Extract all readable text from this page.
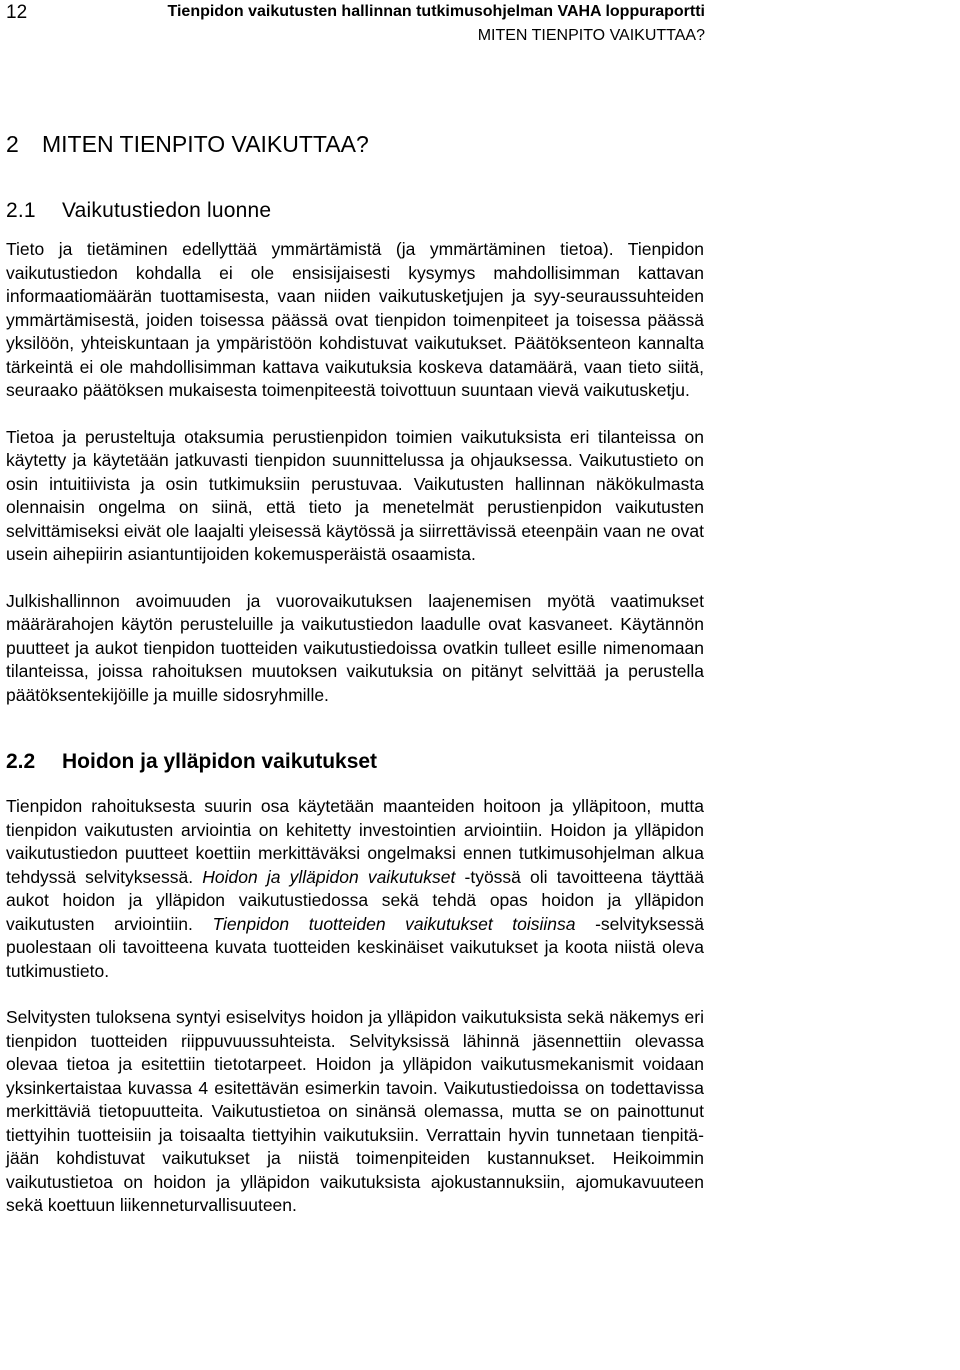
12	Tienpidon vaikutusten hallinnan tutkimusohjelman VAHA loppuraportti
MITEN TIENPITO VAIKUTTAA?
2 MITEN TIENPITO VAIKUTTAA?
2.1 Vaikutustiedon luonne

Tieto ja tietäminen edellyttää ymmärtämistä (ja ymmärtäminen tietoa). Tienpidon vaikutustiedon kohdalla ei ole ensisijaisesti kysymys mahdollisimman kattavan informaatiomäärän tuottamisesta, vaan niiden vaikutusketjujen ja syy-seuraussuhteiden ymmärtämisestä, joiden toisessa päässä ovat tienpidon toimenpiteet ja toisessa päässä yksilöön, yhteiskuntaan ja ympäristöön kohdistuvat vaikutukset. Päätöksenteon kannalta tärkeintä ei ole mahdollisimman kattava vaikutuksia koskeva datamäärä, vaan tieto siitä, seuraako päätöksen mukaisesta toimenpiteestä toivottuun suuntaan vievä vaikutusketju.

Tietoa ja perusteltuja otaksumia perustienpidon toimien vaikutuksista eri tilanteissa on käytetty ja käytetään jatkuvasti tienpidon suunnittelussa ja ohjauksessa. Vaikutustieto on osin intuitiivista ja osin tutkimuksiin perustuvaa. Vaikutusten hallinnan näkökulmasta olennaisin ongelma on siinä, että tieto ja menetelmät perustienpidon vaikutusten selvittämiseksi eivät ole laajalti yleisessä käytössä ja siirrettävissä eteenpäin vaan ne ovat usein aihepiirin asiantuntijoiden kokemusperäistä osaamista.

Julkishallinnon avoimuuden ja vuorovaikutuksen laajenemisen myötä vaatimukset määrärahojen käytön perusteluille ja vaikutustiedon laadulle ovat kasvaneet. Käytännön puutteet ja aukot tienpidon tuotteiden vaikutustiedoissa ovatkin tulleet esille nimenomaan tilanteissa, joissa rahoituksen muutoksen vaikutuksia on pitänyt selvittää ja perustella päätöksentekijöille ja muille sidosryhmille.

2.2 Hoidon ja ylläpidon vaikutukset

Tienpidon rahoituksesta suurin osa käytetään maanteiden hoitoon ja ylläpitoon, mutta tienpidon vaikutusten arviointia on kehitetty investointien arviointiin. Hoidon ja ylläpidon vaikutustiedon puutteet koettiin merkittäväksi ongelmaksi ennen tutkimusohjelman alkua tehdyssä selvityksessä. Hoidon ja ylläpidon vaikutukset -työssä oli tavoitteena täyttää aukot hoidon ja ylläpidon vaikutustiedossa sekä tehdä opas hoidon ja ylläpidon vaikutusten arviointiin. Tienpidon tuotteiden vaikutukset toisiinsa -selvityksessä puolestaan oli tavoitteena kuvata tuotteiden keskinäiset vaikutukset ja koota niistä oleva tutkimustieto.

Selvitysten tuloksena syntyi esiselvitys hoidon ja ylläpidon vaikutuksista sekä näkemys eri tienpidon tuotteiden riippuvuussuhteista. Selvityksissä lähinnä jäsennettiin olevassa olevaa tietoa ja esitettiin tietotarpeet. Hoidon ja ylläpidon vaikutusmekanismit voidaan yksinkertaistaa kuvassa 4 esitettävän esimerkin tavoin. Vaikutustiedoissa on todettavissa merkittäviä tietopuutteita. Vaikutustietoa on sinänsä olemassa, mutta se on painottunut tiettyihin tuotteisiin ja toisaalta tiettyihin vaikutuksiin. Verrattain hyvin tunnetaan tienpitäjään kohdistuvat vaikutukset ja niistä toimenpiteiden kustannukset. Heikoimmin vaikutustietoa on hoidon ja ylläpidon vaikutuksista ajokustannuksiin, ajomukavuuteen sekä koettuun liikenneturvallisuuteen.
